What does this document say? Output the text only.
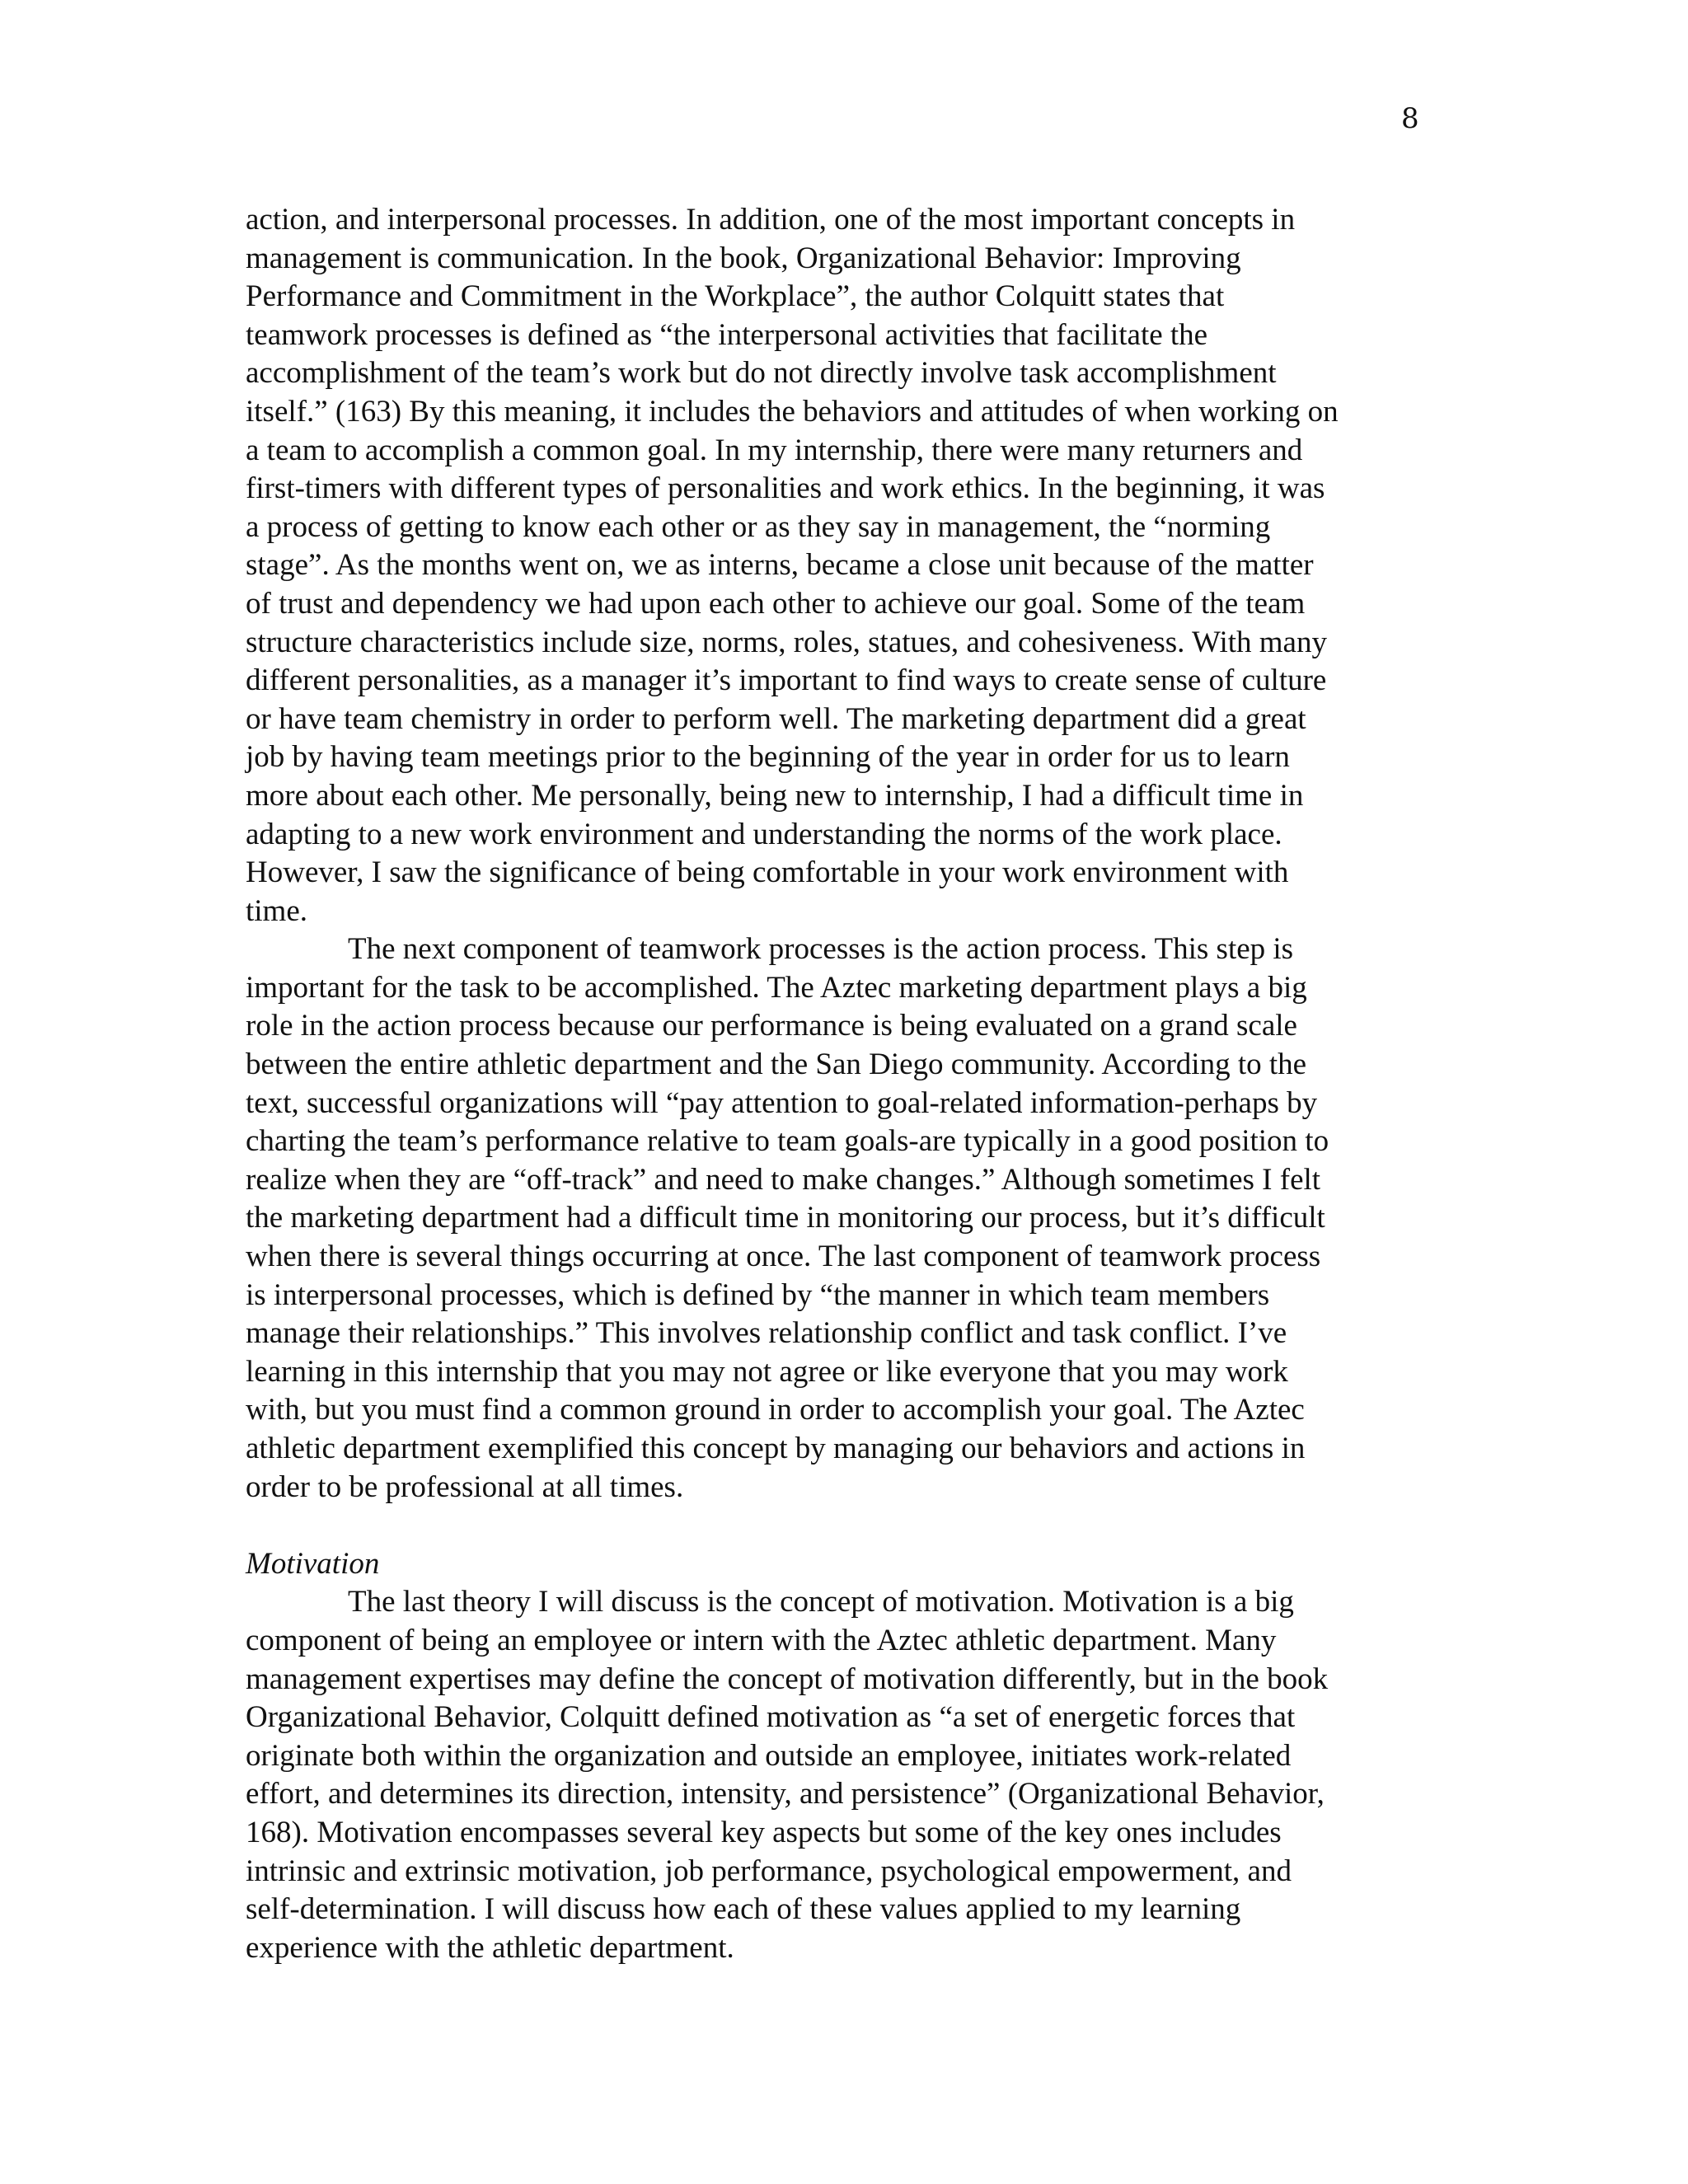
8
action, and interpersonal processes. In addition, one of the most important concepts in
management is communication. In the book, Organizational Behavior: Improving
Performance and Commitment in the Workplace”, the author Colquitt states that
teamwork processes is defined as “the interpersonal activities that facilitate the
accomplishment of the team’s work but do not directly involve task accomplishment
itself.” (163) By this meaning, it includes the behaviors and attitudes of when working on
a team to accomplish a common goal. In my internship, there were many returners and
first-timers with different types of personalities and work ethics. In the beginning, it was
a process of getting to know each other or as they say in management, the “norming
stage”. As the months went on, we as interns, became a close unit because of the matter
of trust and dependency we had upon each other to achieve our goal. Some of the team
structure characteristics include size, norms, roles, statues, and cohesiveness. With many
different personalities, as a manager it’s important to find ways to create sense of culture
or have team chemistry in order to perform well. The marketing department did a great
job by having team meetings prior to the beginning of the year in order for us to learn
more about each other. Me personally, being new to internship, I had a difficult time in
adapting to a new work environment and understanding the norms of the work place.
However, I saw the significance of being comfortable in your work environment with
time.
The next component of teamwork processes is the action process. This step is
important for the task to be accomplished. The Aztec marketing department plays a big
role in the action process because our performance is being evaluated on a grand scale
between the entire athletic department and the San Diego community. According to the
text, successful organizations will “pay attention to goal-related information-perhaps by
charting the team’s performance relative to team goals-are typically in a good position to
realize when they are “off-track” and need to make changes.” Although sometimes I felt
the marketing department had a difficult time in monitoring our process, but it’s difficult
when there is several things occurring at once. The last component of teamwork process
is interpersonal processes, which is defined by “the manner in which team members
manage their relationships.” This involves relationship conflict and task conflict. I’ve
learning in this internship that you may not agree or like everyone that you may work
with, but you must find a common ground in order to accomplish your goal. The Aztec
athletic department exemplified this concept by managing our behaviors and actions in
order to be professional at all times.
Motivation
The last theory I will discuss is the concept of motivation. Motivation is a big
component of being an employee or intern with the Aztec athletic department. Many
management expertises may define the concept of motivation differently, but in the book
Organizational Behavior, Colquitt defined motivation as “a set of energetic forces that
originate both within the organization and outside an employee, initiates work-related
effort, and determines its direction, intensity, and persistence” (Organizational Behavior,
168). Motivation encompasses several key aspects but some of the key ones includes
intrinsic and extrinsic motivation, job performance, psychological empowerment, and
self-determination. I will discuss how each of these values applied to my learning
experience with the athletic department.
